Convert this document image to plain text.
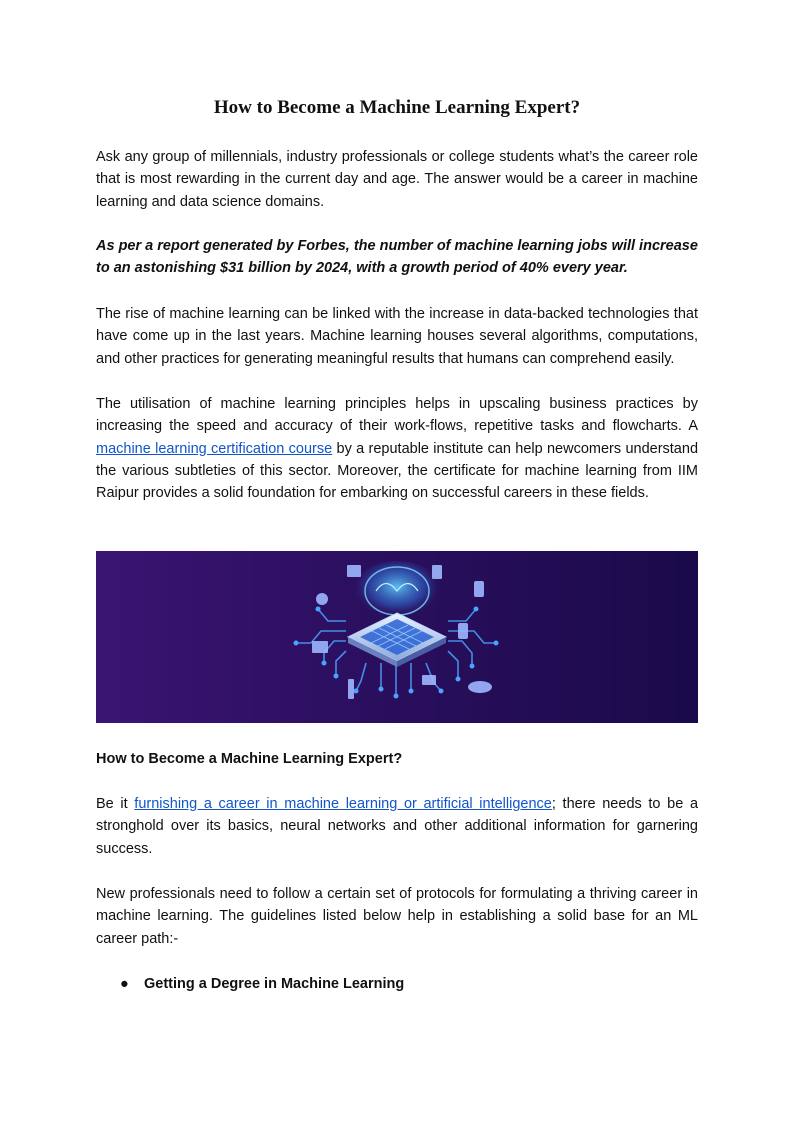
How to Become a Machine Learning Expert?

Ask any group of millennials, industry professionals or college students what’s the career role that is most rewarding in the current day and age. The answer would be a career in machine learning and data science domains.

As per a report generated by Forbes, the number of machine learning jobs will increase to an astonishing $31 billion by 2024, with a growth period of 40% every year.

The rise of machine learning can be linked with the increase in data-backed technologies that have come up in the last years. Machine learning houses several algorithms, computations, and other practices for generating meaningful results that humans can comprehend easily.

The utilisation of machine learning principles helps in upscaling business practices by increasing the speed and accuracy of their work-flows, repetitive tasks and flowcharts. A machine learning certification course by a reputable institute can help newcomers understand the various subtleties of this sector. Moreover, the certificate for machine learning from IIM Raipur provides a solid foundation for embarking on successful careers in these fields.

How to Become a Machine Learning Expert?

Be it furnishing a career in machine learning or artificial intelligence; there needs to be a stronghold over its basics, neural networks and other additional information for garnering success.

New professionals need to follow a certain set of protocols for formulating a thriving career in machine learning. The guidelines listed below help in establishing a solid base for an ML career path:-

●	Getting a Degree in Machine Learning
